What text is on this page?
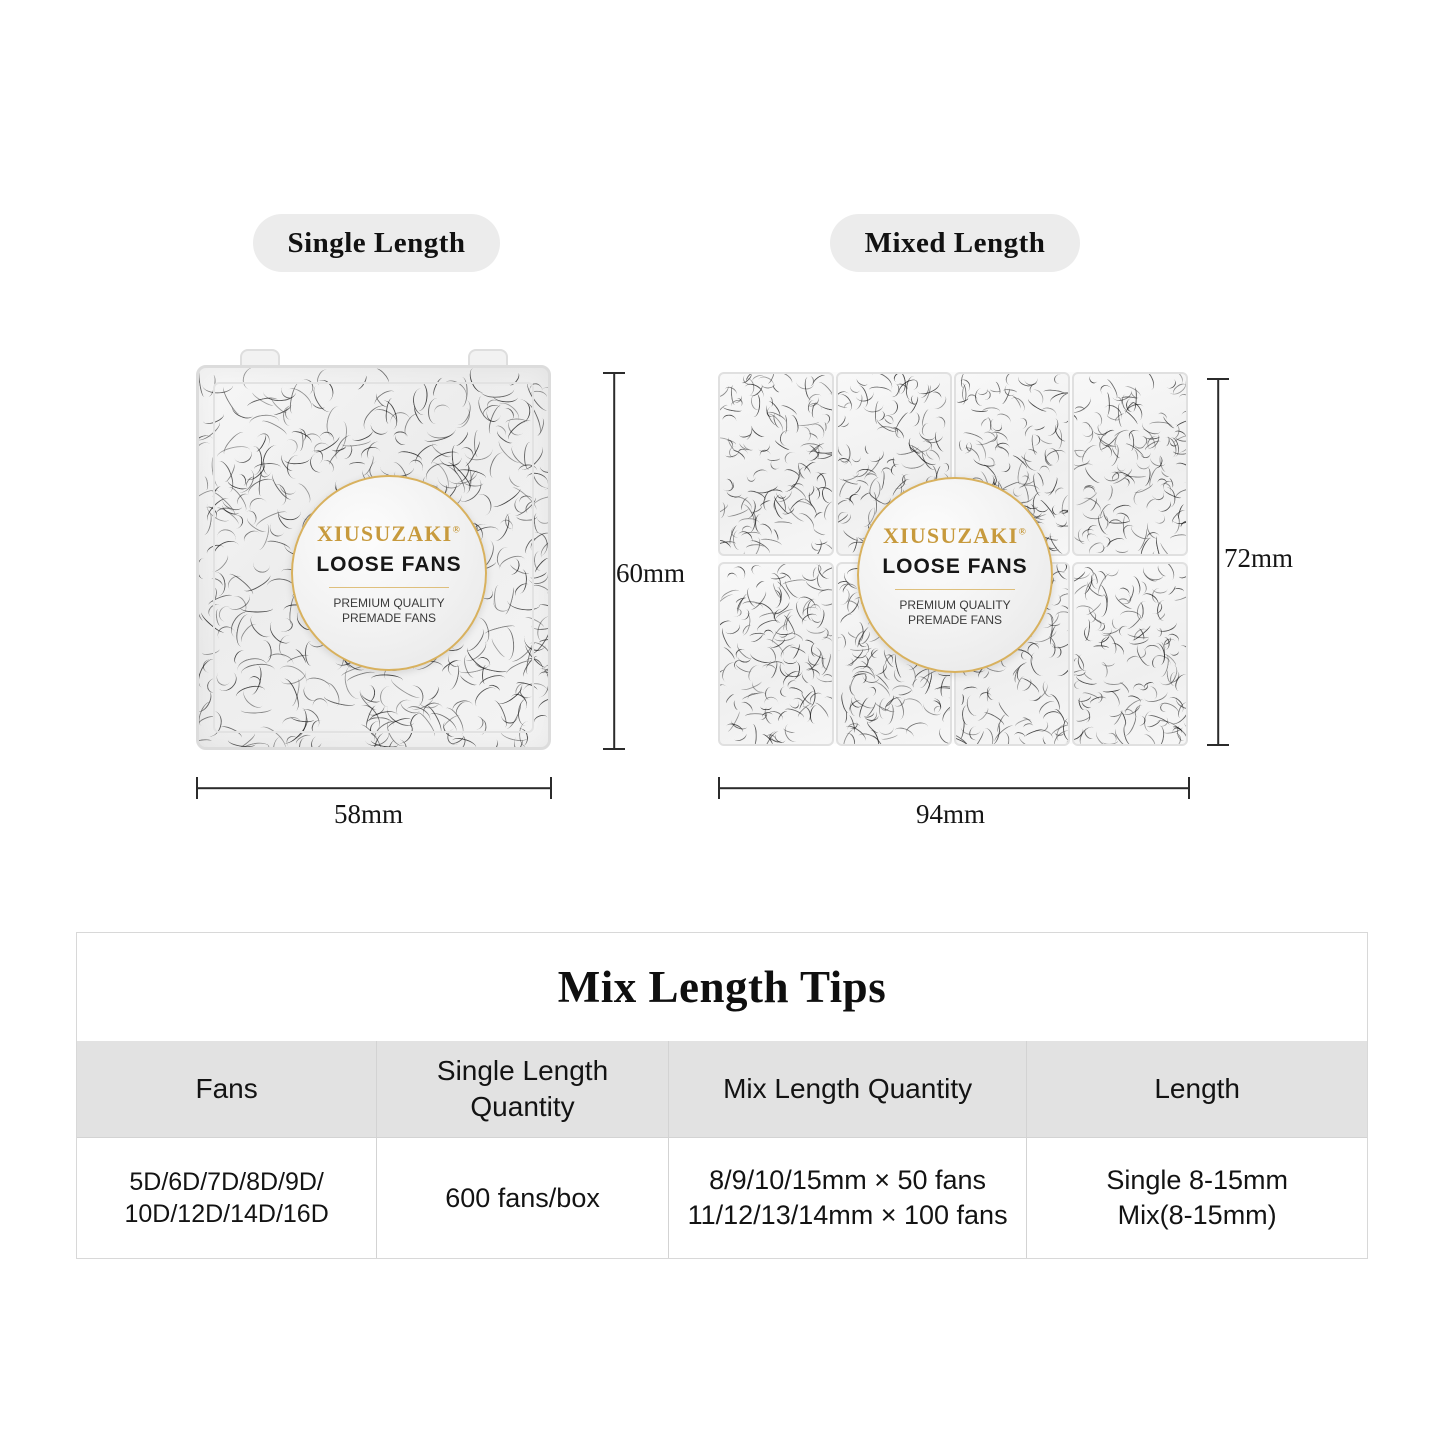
Single Length	Mixed Length
XIUSUZAKI®
LOOSE FANS
PREMIUM QUALITY
PREMADE FANS
XIUSUZAKI®
LOOSE FANS
PREMIUM QUALITY
PREMADE FANS
60mm
58mm
72mm
94mm
Mix Length Tips
Fans
Single Length
Quantity
Mix Length Quantity	Length
5D/6D/7D/8D/9D/
10D/12D/14D/16D
600 fans/box
8/9/10/15mm × 50 fans
11/12/13/14mm × 100 fans
Single 8-15mm
Mix(8-15mm)
